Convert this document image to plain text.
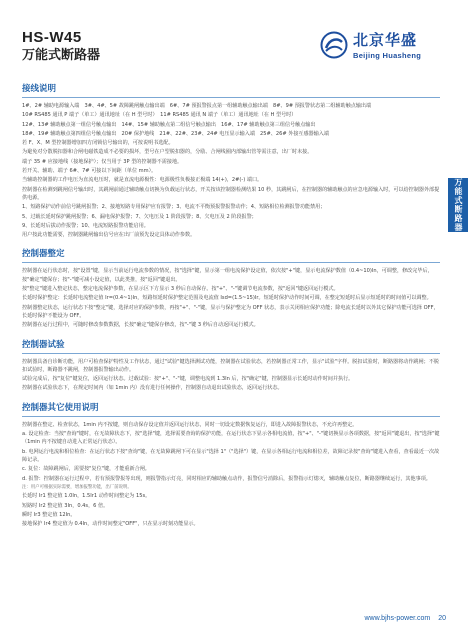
HS-W45
万能式断路器
北京华盛
Beijing Huasheng
万能式断路器
接线说明

1#、2# 辅助电源输入端　3#、4#、5# 故障跳闸触点输出端　6#、7# 预报警报点第一组辅助触点输出端　8#、9# 预报警状态第二组辅助触点输出端

10# RS485 通讯 P 端子（单工）通讯地址（在 H 型号时）　11# RS485 通讯 N 端子（单工）通讯地址（在 H 型号时）

12#、13# 辅助触点第一组信号触点输出　14#、15# 辅助触点第二组信号触点输出　16#、17# 辅助触点第三组信号触点输出

18#、19# 辅助触点第四组信号触点输出　20# 保护地线　21#、22#、23#、24# 电压显示输入端　25#、26# 外接互感器输入端

若 F、X、M 型控制器增加四方闭锁信号输出的，可按说明书选配。

为避免对分散脱扣器和合闸电磁铁造成不必要的损坏，型号在户型脱扣器的，分励、合闸线圈内部输出管等需注意，出厂时未接。

端子 35 # 应接地线（接地保护）；仅当用于 3P 型的控制器不需接地。

若开关、辅助、端子 6#、7# 可接以下间距（单位 mm）。

当辅助控制器的工作电压为直流电压时，就是直流电源极性：电源极性负极接正极端 14(+)，2#(-) 端口。

控制器在检测到跳闸信号输出时，其跳闸前通过辅助触点切换为负载运行状态，开关按该控制器检测结果 10 秒，其跳闸后，在控制器的辅助触点的应急电源输入时，可以给控制器外部提供电源。

1、短路保护动作前信号跳闸报警；2、接地短路专用保护应有报警；3、电流不平衡预报警报警动作；4、短路相位检测报警功能禁用；

5、过载长延时保护跳闸报警；6、漏电保护报警；7、欠电压及 1 阶段报警；8、欠电压及 2 阶段报警；

9、长延时后拔动作报警；10、电流短路报警功能启用。

用户按此功能需要，控制器跳闸输出信号应在出厂前预先设定具体动作参数。

控制器整定

控制器在运行状态时，按"设置"键，显示当前运行电流参数的情况，按"选择"键，显示第一组电流保护设定值，依次按"+"键，显示电流保护数值（0.4~10)In，可调整，修改完毕后，按"确定"键保存；按"-"键可减小设定值，以此类推，按"返回"键退出。

按"整定"键进入整定状态，整定电流保护参数，在显示区下方显示 3 秒后自动保存。按"+"、"-"键调节电流参数，按"返回"键返回运行模式。

长延时保护整定：长延时电流整定值 Ir=(0.4~1)In，短路短延时保护整定范围及电流值 Isd=(1.5~15)Ir。短延时保护动作时间可调，在整定短延时后显示短延时的时间值可以调整。

控制器整定状态，运行状态下按"整定"键，选择对应的保护参数，再按"+"、"-"键，显示与保护整定为 OFF 状态，表示关闭相应保护功能；除电流长延时以外其它保护功能可选择 OFF，长延时保护不能设为 OFF。

控制器在运行过程中，可随时修改参数数据，长按"确定"键保存修改，按"-"键 3 秒后自动返回运行模式。

控制器试验

控制器具备自诊断功能，用户可检查保护特性及工作状态，通过"试验"键选择测试功能，控制器在试验状态，若控制器正常工作，显示"试验"字样。脱扣试验时，断路器将动作跳闸；不脱扣试验时，断路器不跳闸，控制器报警输出动作。

试验完成后，按"复位"键复位，返回运行状态。过载试验：按"+"、"-"键，调整电流到 1.3In 后，按"确定"键，控制器显示长延时动作时间并执行。

控制器在试验状态下，在规定时间内（如 1min 内）没有进行任何操作，控制器自动退出试验状态，返回运行状态。

控制器其它使用说明

控制器在整定、检查状态，1min 内不按键，则自动保存设定值并返回运行状态，同时一切设定数据恢复运行，即进入故障报警状态，不允许再整定。

a. 设定检查：当按"查询"键时，在无故障状态下，按"选择"键，选择需要查询的保护功能，在运行状态下显示各相电流值，按"+"、"-"键切换显示各项数据，按"返回"键退出，按"选择"键（1min 内不按键自动进入正常运行状态）。

b. 电网运行电流和相位检查：在运行状态下按"查询"键，在无故障跳闸下可在显示"选择 1"（"选择"）键，在显示各相运行电流和相位差，故障记录按"查询"键进入查看，查看最近一次故障记录。

c. 复位：故障跳闸后，需要按"复位"键，才能重新合闸。

d. 报警：控制器在运行过程中，若有预报警报等出现，则报警指示灯亮，同时相应的辅助触点动作，报警信号消除后，报警指示灯熄灭，辅助触点复位，断路器继续运行，其他事项。

注：用户可根据实际需要，增加报警功能，出厂前说明。

长延时 Ir1 整定值 1.0In，1.5Ir1 动作时间整定为 15s。

短路时 Ir2 整定值 3In，0.4s，6 倍。

瞬时 Ir3 整定值 12In。

接地保护 Ir4 整定值为 0.4In，动作时间整定"OFF"，只在显示时刻功能显示。

www.bjhs-power.com 20
